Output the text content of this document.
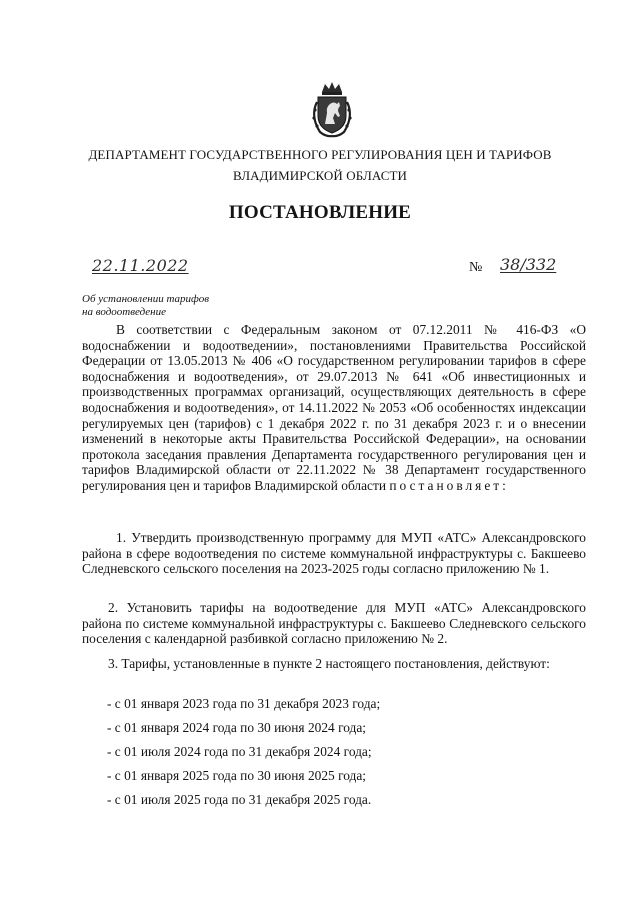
ДЕПАРТАМЕНТ ГОСУДАРСТВЕННОГО РЕГУЛИРОВАНИЯ ЦЕН И ТАРИФОВ
ВЛАДИМИРСКОЙ ОБЛАСТИ
ПОСТАНОВЛЕНИЕ
22.11.2022	№ 38/332
Об установлении тарифов
на водоотведение

В соответствии с Федеральным законом от 07.12.2011 № 416-ФЗ «О водоснабжении и водоотведении», постановлениями Правительства Российской Федерации от 13.05.2013 № 406 «О государственном регулировании тарифов в сфере водоснабжения и водоотведения», от 29.07.2013 № 641 «Об инвестиционных и производственных программах организаций, осуществляющих деятельность в сфере водоснабжения и водоотведения», от 14.11.2022 № 2053 «Об особенностях индексации регулируемых цен (тарифов) с 1 декабря 2022 г. по 31 декабря 2023 г. и о внесении изменений в некоторые акты Правительства Российской Федерации», на основании протокола заседания правления Департамента государственного регулирования цен и тарифов Владимирской области от 22.11.2022 № 38 Департамент государственного регулирования цен и тарифов Владимирской области постановляет:

1. Утвердить производственную программу для МУП «АТС» Александровского района в сфере водоотведения по системе коммунальной инфраструктуры с. Бакшеево Следневского сельского поселения на 2023-2025 годы согласно приложению № 1.

2. Установить тарифы на водоотведение для МУП «АТС» Александровского района по системе коммунальной инфраструктуры с. Бакшеево Следневского сельского поселения с календарной разбивкой согласно приложению № 2.

3. Тарифы, установленные в пункте 2 настоящего постановления, действуют:

- с 01 января 2023 года по 31 декабря 2023 года;
- с 01 января 2024 года по 30 июня 2024 года;
- с 01 июля 2024 года по 31 декабря 2024 года;
- с 01 января 2025 года по 30 июня 2025 года;
- с 01 июля 2025 года по 31 декабря 2025 года.
